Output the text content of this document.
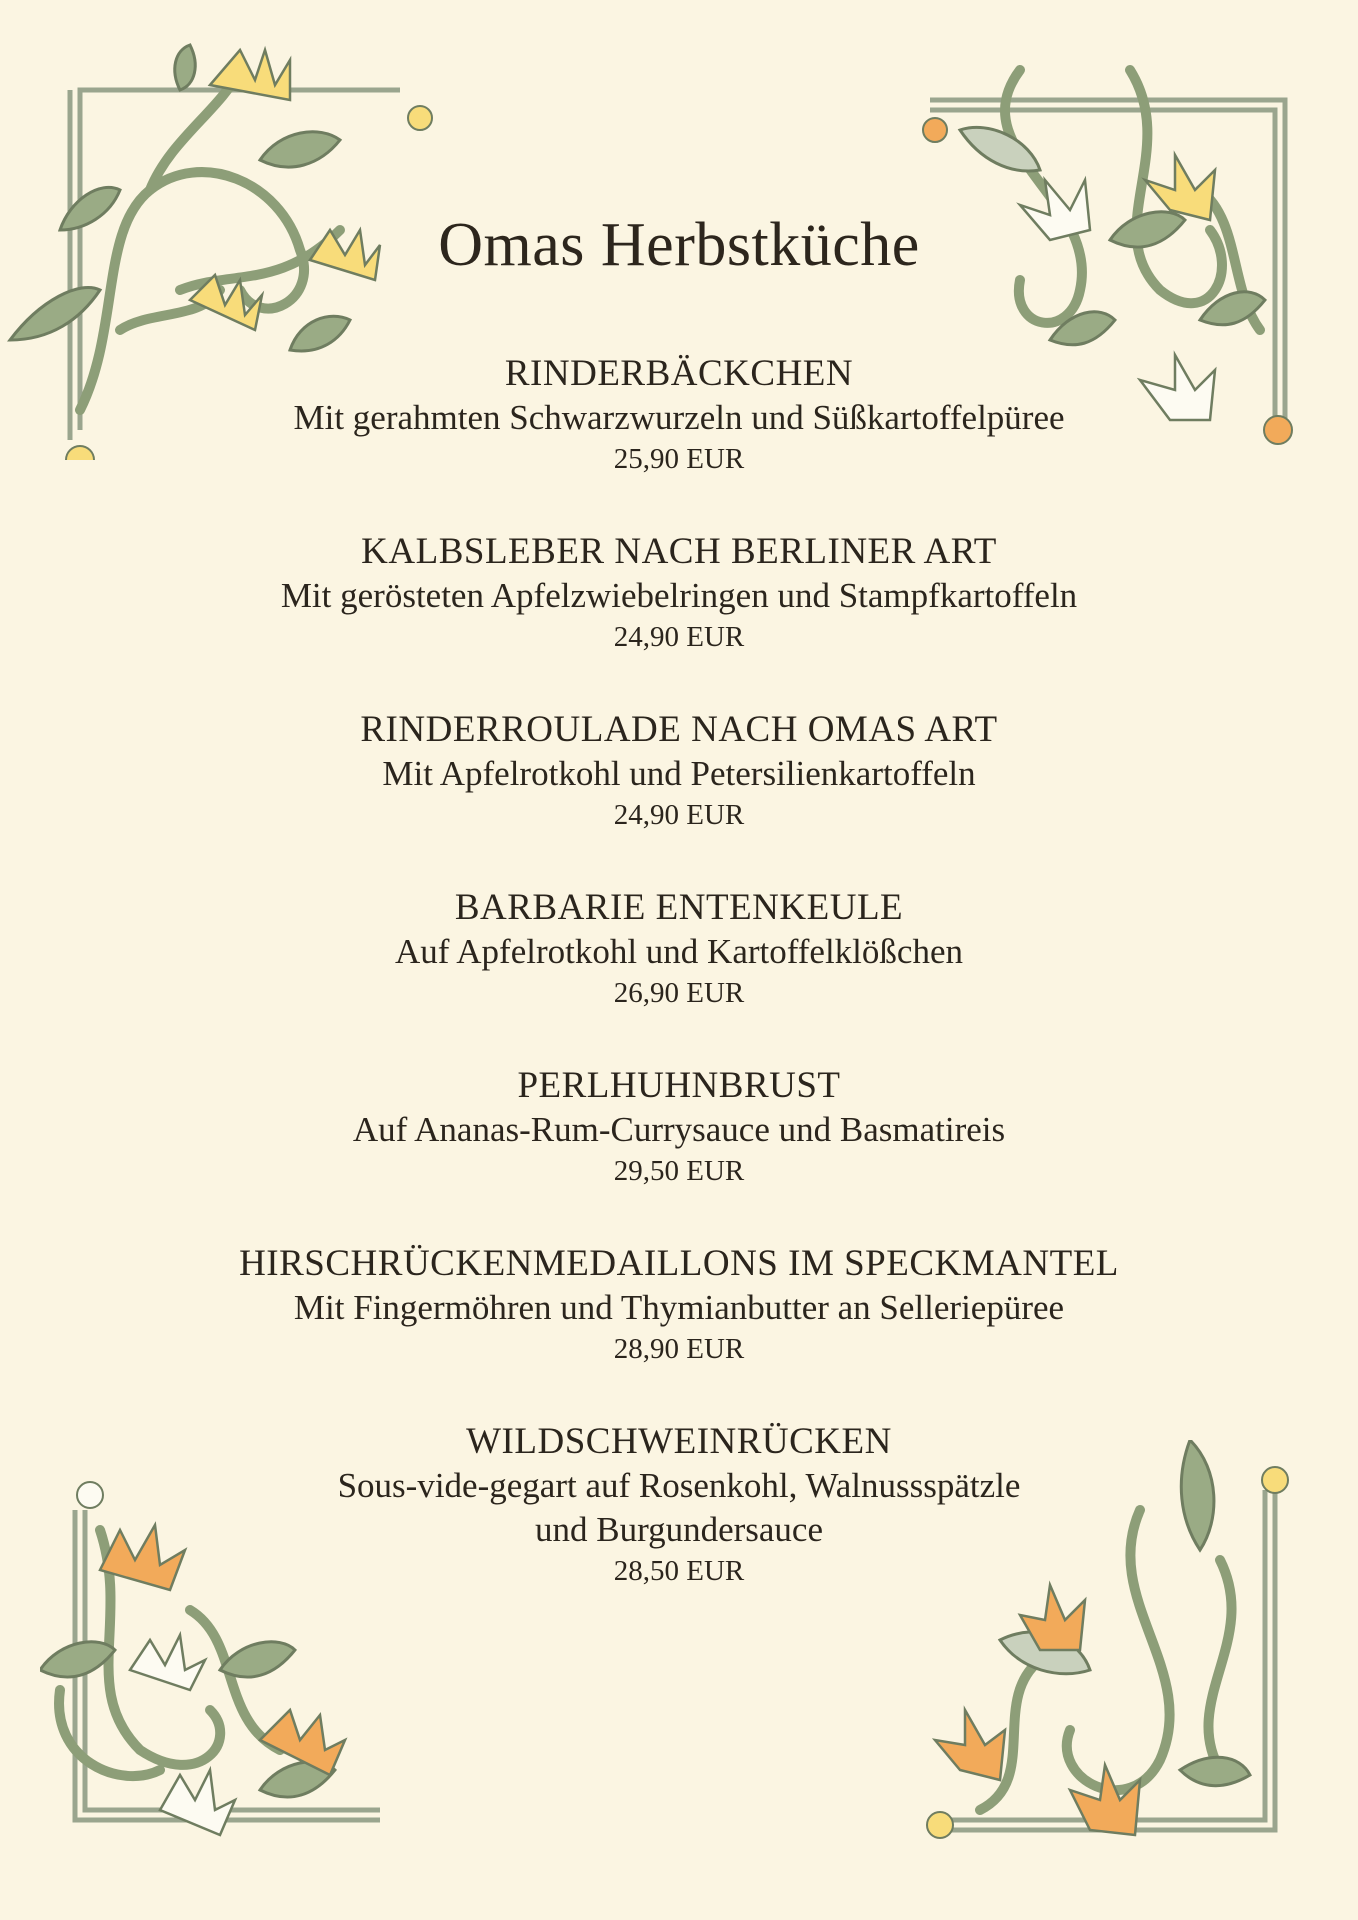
Omas Herbstküche
RINDERBÄCKCHEN
Mit gerahmten Schwarzwurzeln und Süßkartoffelpüree
25,90 EUR
KALBSLEBER NACH BERLINER ART
Mit gerösteten Apfelzwiebelringen und Stampfkartoffeln
24,90 EUR
RINDERROULADE NACH OMAS ART
Mit Apfelrotkohl und Petersilienkartoffeln
24,90 EUR
BARBARIE ENTENKEULE
Auf Apfelrotkohl und Kartoffelklößchen
26,90 EUR
PERLHUHNBRUST
Auf Ananas-Rum-Currysauce und Basmatireis
29,50 EUR
HIRSCHRÜCKENMEDAILLONS IM SPECKMANTEL
Mit Fingermöhren und Thymianbutter an Selleriepüree
28,90 EUR
WILDSCHWEINRÜCKEN
Sous-vide-gegart auf Rosenkohl, Walnussspätzle
und Burgundersauce
28,50 EUR
